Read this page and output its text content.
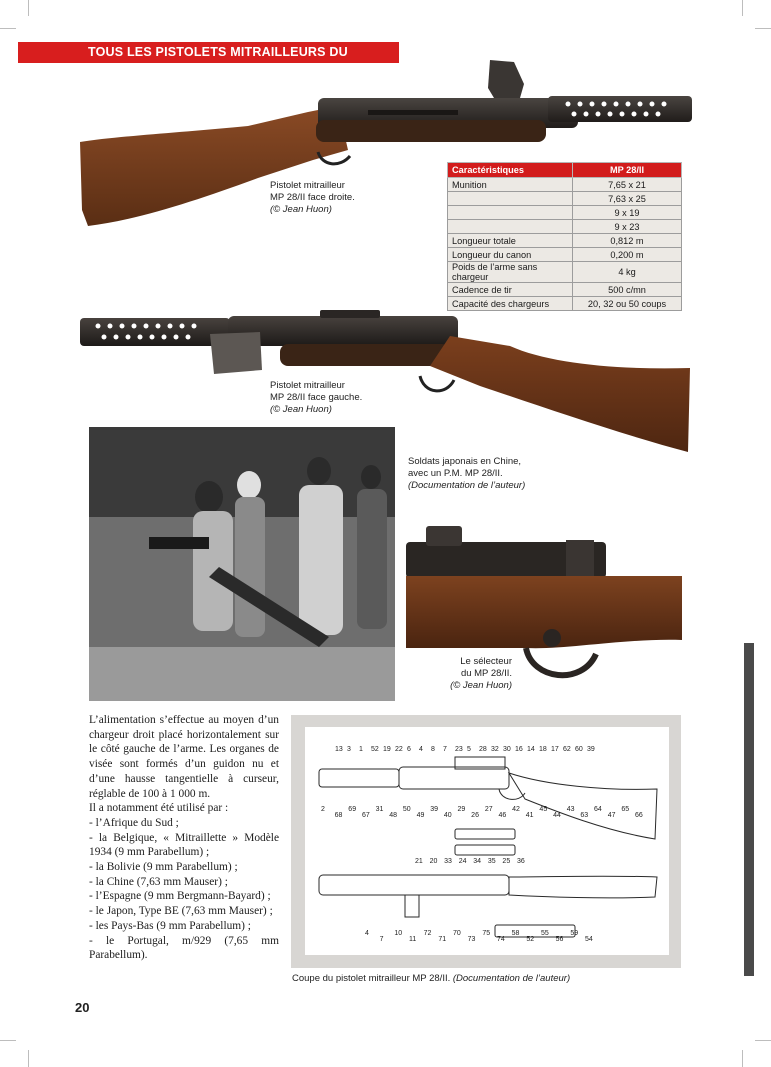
TOUS LES PISTOLETS MITRAILLEURS DU MONDE
Pistolet mitrailleur
MP 28/II face droite.
(© Jean Huon)
Caractéristiques	MP 28/II
Munition	7,65 x 21
	7,63 x 25
	9 x 19
	9 x 23
Longueur totale	0,812 m
Longueur du canon	0,200 m
Poids de l’arme sans chargeur	4 kg
Cadence de tir	500 c/mn
Capacité des chargeurs	20, 32 ou 50 coups
Pistolet mitrailleur
MP 28/II face gauche.
(© Jean Huon)
Soldats japonais en Chine,
avec un P.M. MP 28/II.
(Documentation de l’auteur)
Le sélecteur
du MP 28/II.
(© Jean Huon)

L’alimentation s’effectue au moyen d’un chargeur droit placé horizontalement sur le côté gauche de l’arme. Les organes de visée sont formés d’un guidon nu et d’une hausse tangentielle à curseur, réglable de 100 à 1 000 m.

Il a notamment été utilisé par :

- l’Afrique du Sud ;
- la Belgique, « Mitraillette » Modèle 1934 (9 mm Parabellum) ;
- la Bolivie (9 mm Parabellum) ;
- la Chine (7,63 mm Mauser) ;
- l’Espagne (9 mm Bergmann-Bayard) ;
- le Japon, Type BE (7,63 mm Mauser) ;
- les Pays-Bas (9 mm Parabellum) ;
- le Portugal, m/929 (7,65 mm Parabellum).
13 3 1 52 19 22 6 4 8 7 23 5 28 32 30 16 14 18 17 62 60 39
2
68
69
67
31
48
50
49
39
40
29
26
27
46
42
41
45
44
43
63
64
47
65
66
21 20 33 24 34 35 25 36
4
7
10
11
72
71
70
73
75
74
58
52
55
56
59
54
Coupe du pistolet mitrailleur MP 28/II. (Documentation de l’auteur)
20
